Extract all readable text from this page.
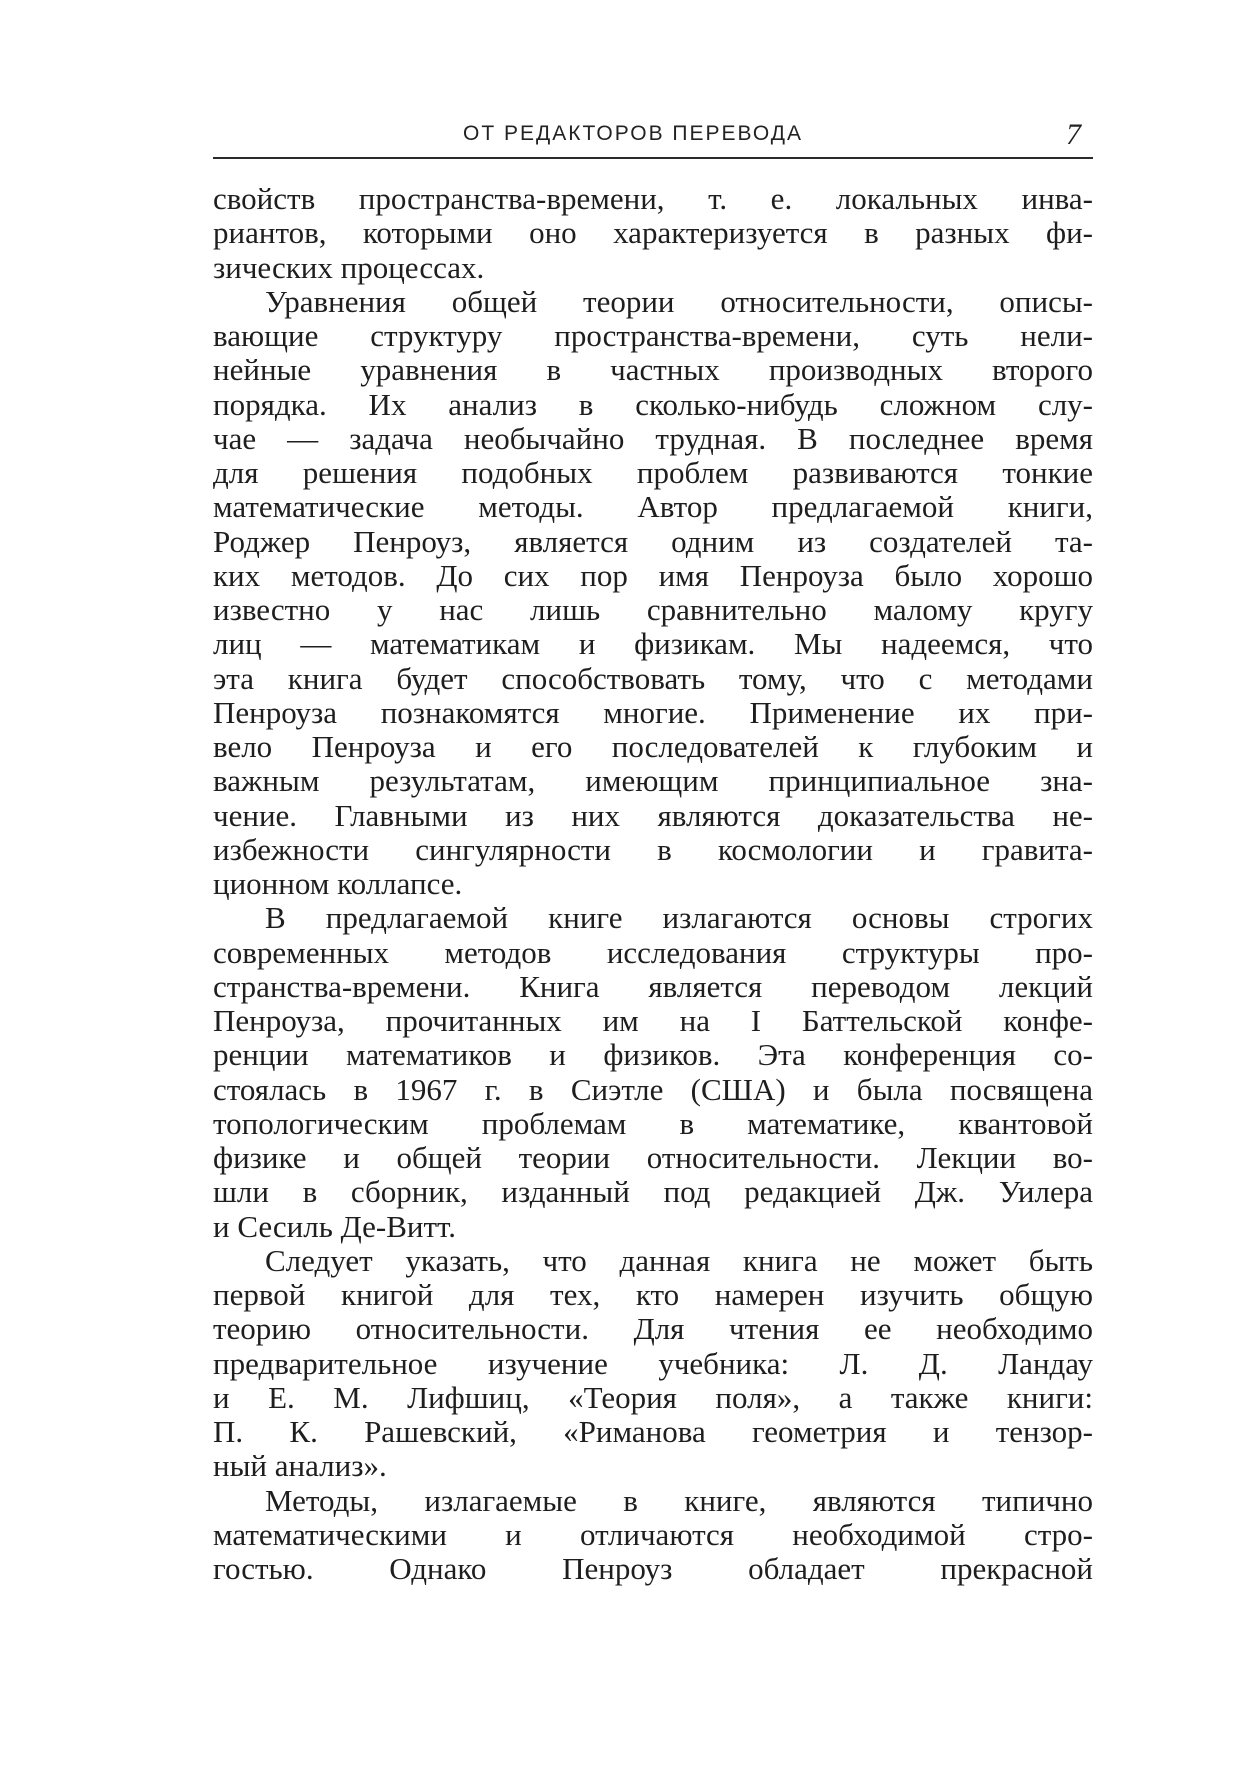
ОТ РЕДАКТОРОВ ПЕРЕВОДА	7
свойств пространства-времени, т. е. локальных инва-
риантов, которыми оно характеризуется в разных фи-
зических процессах.
Уравнения общей теории относительности, описы-
вающие структуру пространства-времени, суть нели-
нейные уравнения в частных производных второго
порядка. Их анализ в сколько-нибудь сложном слу-
чае — задача необычайно трудная. В последнее время
для решения подобных проблем развиваются тонкие
математические методы. Автор предлагаемой книги,
Роджер Пенроуз, является одним из создателей та-
ких методов. До сих пор имя Пенроуза было хорошо
известно у нас лишь сравнительно малому кругу
лиц — математикам и физикам. Мы надеемся, что
эта книга будет способствовать тому, что с методами
Пенроуза познакомятся многие. Применение их при-
вело Пенроуза и его последователей к глубоким и
важным результатам, имеющим принципиальное зна-
чение. Главными из них являются доказательства не-
избежности сингулярности в космологии и гравита-
ционном коллапсе.
В предлагаемой книге излагаются основы строгих
современных методов исследования структуры про-
странства-времени. Книга является переводом лекций
Пенроуза, прочитанных им на I Баттельской конфе-
ренции математиков и физиков. Эта конференция со-
стоялась в 1967 г. в Сиэтле (США) и была посвящена
топологическим проблемам в математике, квантовой
физике и общей теории относительности. Лекции во-
шли в сборник, изданный под редакцией Дж. Уилера
и Сесиль Де-Витт.
Следует указать, что данная книга не может быть
первой книгой для тех, кто намерен изучить общую
теорию относительности. Для чтения ее необходимо
предварительное изучение учебника: Л. Д. Ландау
и Е. М. Лифшиц, «Теория поля», а также книги:
П. К. Рашевский, «Риманова геометрия и тензор-
ный анализ».
Методы, излагаемые в книге, являются типично
математическими и отличаются необходимой стро-
гостью. Однако Пенроуз обладает прекрасной
